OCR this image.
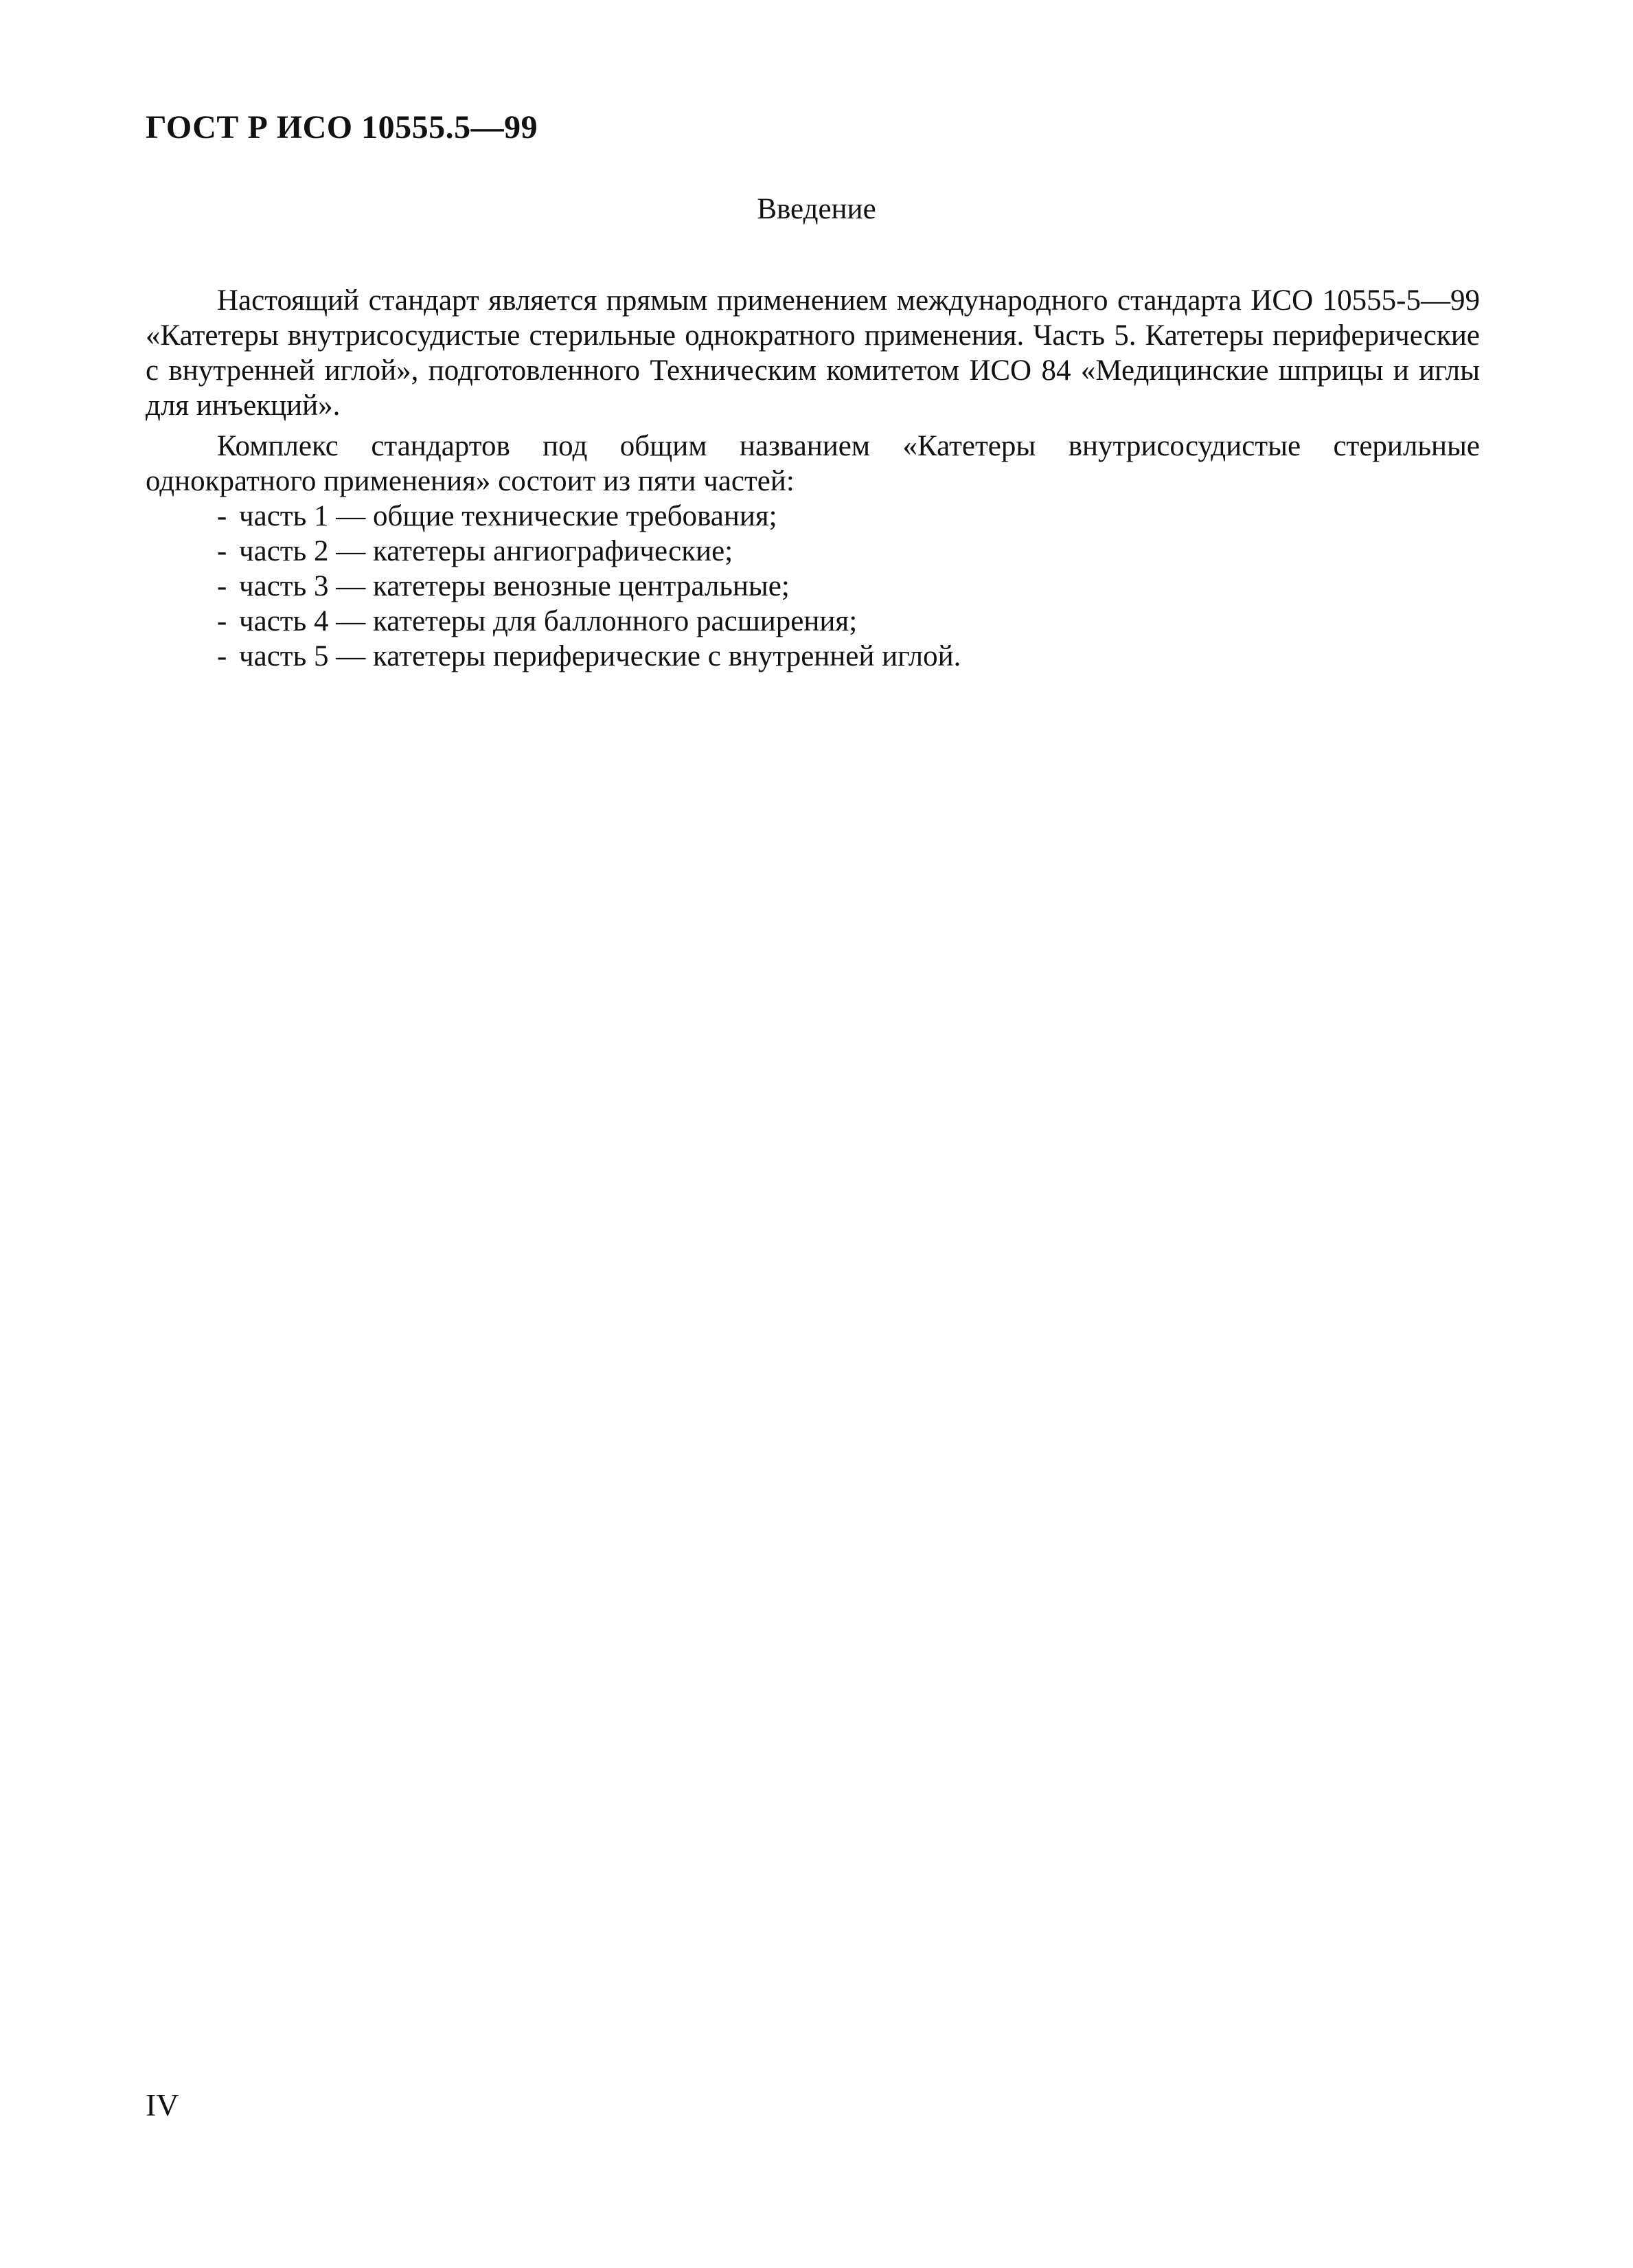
ГОСТ Р ИСО 10555.5—99
Введение

Настоящий стандарт является прямым применением международного стандарта ИСО 10555-5—99 «Катетеры внутрисосудистые стерильные однократного применения. Часть 5. Катетеры периферические с внутренней иглой», подготовленного Техническим комитетом ИСО 84 «Медицинские шприцы и иглы для инъекций».

Комплекс стандартов под общим названием «Катетеры внутрисосудистые стерильные однократного применения» состоит из пяти частей:

- часть 1 — общие технические требования;
- часть 2 — катетеры ангиографические;
- часть 3 — катетеры венозные центральные;
- часть 4 — катетеры для баллонного расширения;
- часть 5 — катетеры периферические с внутренней иглой.
IV
